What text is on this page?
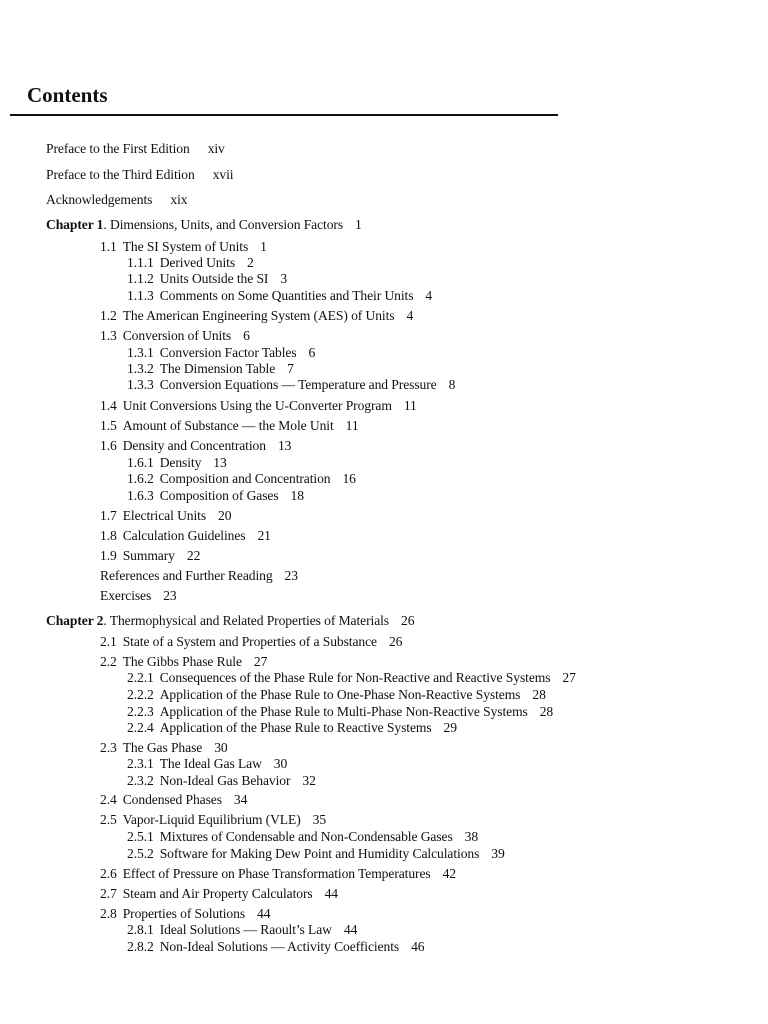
Contents
Preface to the First Edition xiv
Preface to the Third Edition xvii
Acknowledgements xix
Chapter 1. Dimensions, Units, and Conversion Factors 1
1.1 The SI System of Units 1
1.1.1 Derived Units 2
1.1.2 Units Outside the SI 3
1.1.3 Comments on Some Quantities and Their Units 4
1.2 The American Engineering System (AES) of Units 4
1.3 Conversion of Units 6
1.3.1 Conversion Factor Tables 6
1.3.2 The Dimension Table 7
1.3.3 Conversion Equations — Temperature and Pressure 8
1.4 Unit Conversions Using the U-Converter Program 11
1.5 Amount of Substance — the Mole Unit 11
1.6 Density and Concentration 13
1.6.1 Density 13
1.6.2 Composition and Concentration 16
1.6.3 Composition of Gases 18
1.7 Electrical Units 20
1.8 Calculation Guidelines 21
1.9 Summary 22
References and Further Reading 23
Exercises 23
Chapter 2. Thermophysical and Related Properties of Materials 26
2.1 State of a System and Properties of a Substance 26
2.2 The Gibbs Phase Rule 27
2.2.1 Consequences of the Phase Rule for Non-Reactive and Reactive Systems 27
2.2.2 Application of the Phase Rule to One-Phase Non-Reactive Systems 28
2.2.3 Application of the Phase Rule to Multi-Phase Non-Reactive Systems 28
2.2.4 Application of the Phase Rule to Reactive Systems 29
2.3 The Gas Phase 30
2.3.1 The Ideal Gas Law 30
2.3.2 Non-Ideal Gas Behavior 32
2.4 Condensed Phases 34
2.5 Vapor-Liquid Equilibrium (VLE) 35
2.5.1 Mixtures of Condensable and Non-Condensable Gases 38
2.5.2 Software for Making Dew Point and Humidity Calculations 39
2.6 Effect of Pressure on Phase Transformation Temperatures 42
2.7 Steam and Air Property Calculators 44
2.8 Properties of Solutions 44
2.8.1 Ideal Solutions — Raoult’s Law 44
2.8.2 Non-Ideal Solutions — Activity Coefficients 46
